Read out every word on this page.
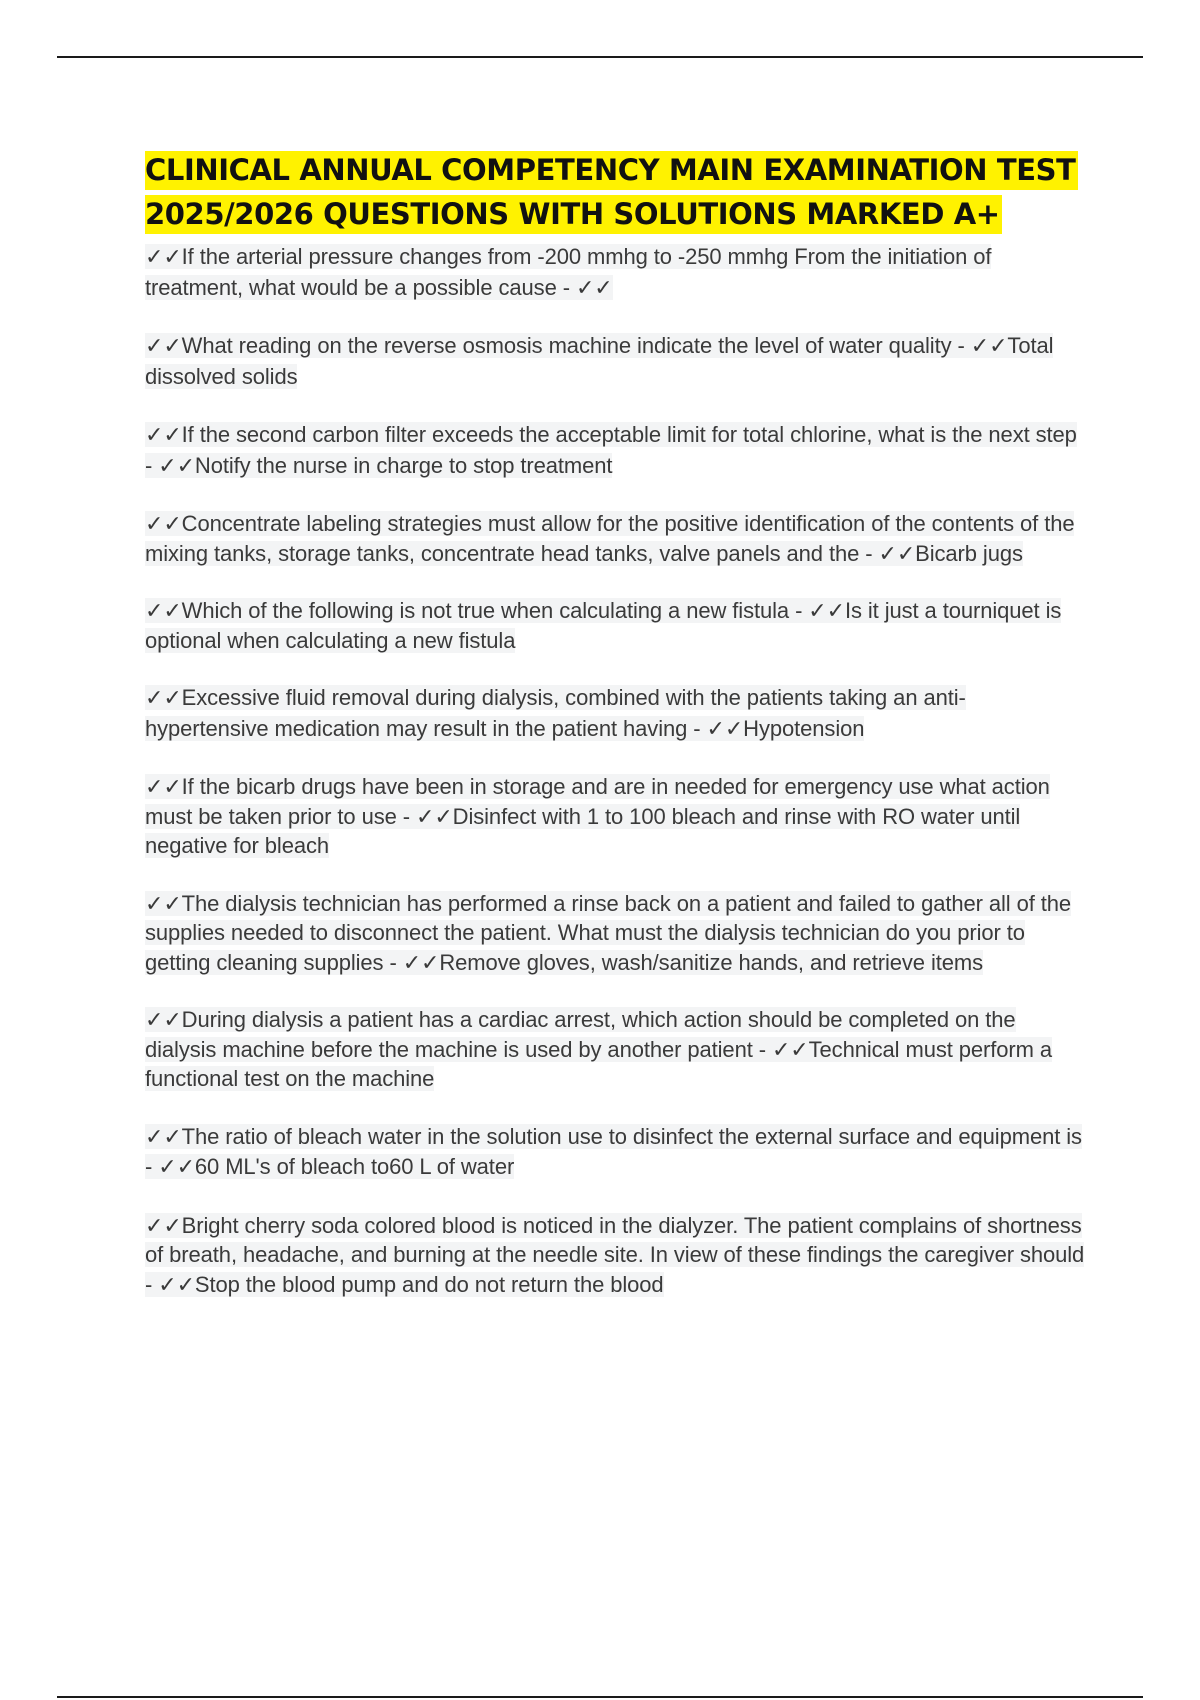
CLINICAL ANNUAL COMPETENCY MAIN EXAMINATION TEST 2025/2026 QUESTIONS WITH SOLUTIONS MARKED A+

✓✓If the arterial pressure changes from -200 mmhg to -250 mmhg From the initiation of treatment, what would be a possible cause - ✓✓

✓✓What reading on the reverse osmosis machine indicate the level of water quality - ✓✓Total dissolved solids

✓✓If the second carbon filter exceeds the acceptable limit for total chlorine, what is the next step - ✓✓Notify the nurse in charge to stop treatment

✓✓Concentrate labeling strategies must allow for the positive identification of the contents of the mixing tanks, storage tanks, concentrate head tanks, valve panels and the - ✓✓Bicarb jugs

✓✓Which of the following is not true when calculating a new fistula - ✓✓Is it just a tourniquet is optional when calculating a new fistula

✓✓Excessive fluid removal during dialysis, combined with the patients taking an anti-hypertensive medication may result in the patient having - ✓✓Hypotension

✓✓If the bicarb drugs have been in storage and are in needed for emergency use what action must be taken prior to use - ✓✓Disinfect with 1 to 100 bleach and rinse with RO water until negative for bleach

✓✓The dialysis technician has performed a rinse back on a patient and failed to gather all of the supplies needed to disconnect the patient. What must the dialysis technician do you prior to getting cleaning supplies - ✓✓Remove gloves, wash/sanitize hands, and retrieve items

✓✓During dialysis a patient has a cardiac arrest, which action should be completed on the dialysis machine before the machine is used by another patient - ✓✓Technical must perform a functional test on the machine

✓✓The ratio of bleach water in the solution use to disinfect the external surface and equipment is - ✓✓60 ML's of bleach to60 L of water

✓✓Bright cherry soda colored blood is noticed in the dialyzer. The patient complains of shortness of breath, headache, and burning at the needle site. In view of these findings the caregiver should - ✓✓Stop the blood pump and do not return the blood
